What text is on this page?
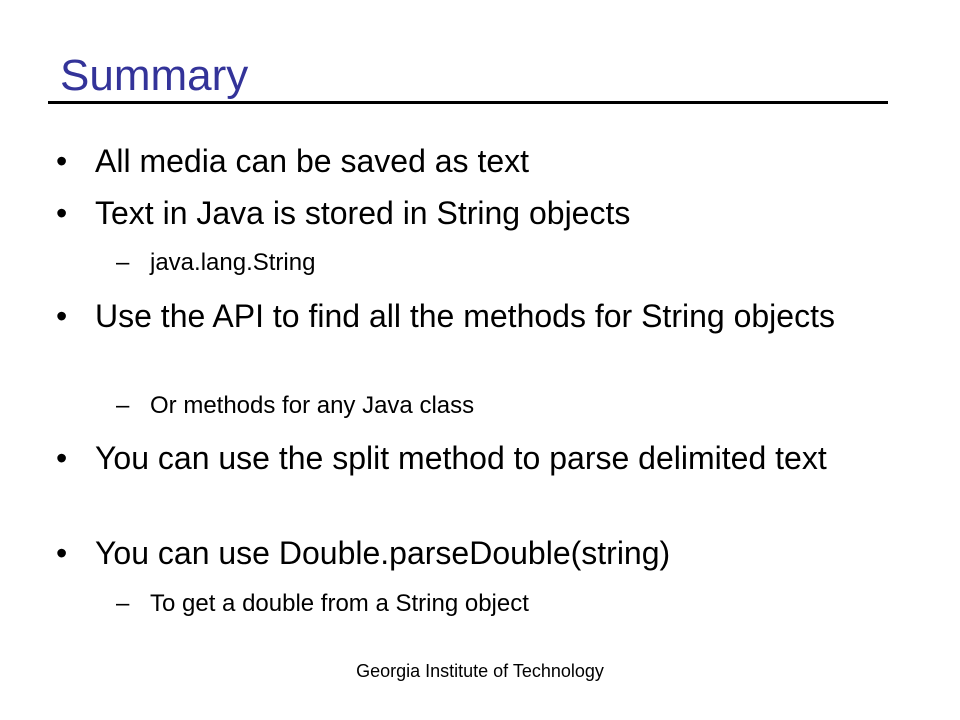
Summary
• All media can be saved as text
• Text in Java is stored in String objects
– java.lang.String
• Use the API to find all the methods for String objects
– Or methods for any Java class
• You can use the split method to parse delimited text
• You can use Double.parseDouble(string)
– To get a double from a String object
Georgia Institute of Technology
